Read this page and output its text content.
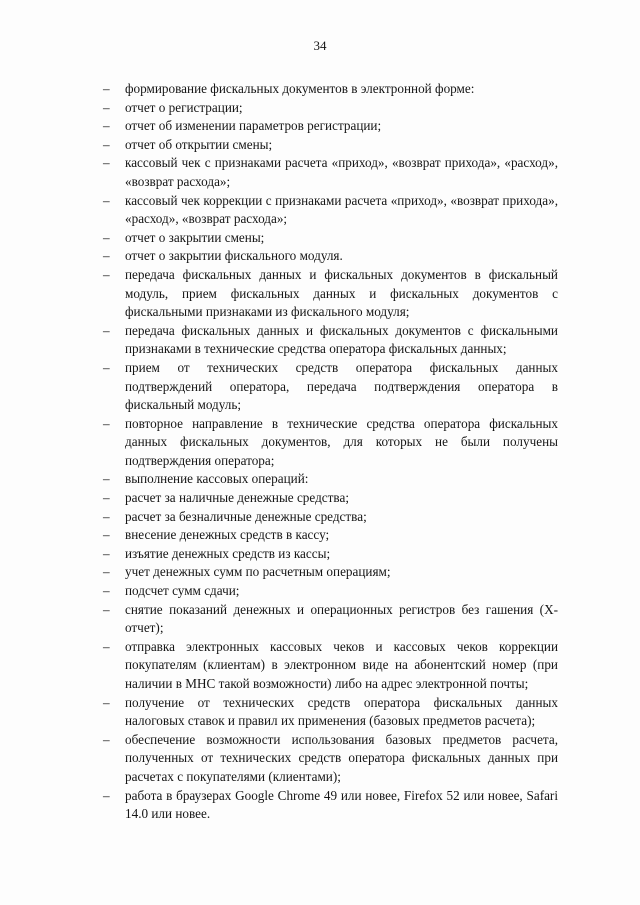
34
–	формирование фискальных документов в электронной форме:
–	отчет о регистрации;
–	отчет об изменении параметров регистрации;
–	отчет об открытии смены;
–	кассовый чек с признаками расчета «приход», «возврат прихода», «расход», «возврат расхода»;
–	кассовый чек коррекции с признаками расчета «приход», «возврат прихода», «расход», «возврат расхода»;
–	отчет о закрытии смены;
–	отчет о закрытии фискального модуля.
–	передача фискальных данных и фискальных документов в фискальный модуль, прием фискальных данных и фискальных документов с фискальными признаками из фискального модуля;
–	передача фискальных данных и фискальных документов с фискальными признаками в технические средства оператора фискальных данных;
–	прием от технических средств оператора фискальных данных подтверждений оператора, передача подтверждения оператора в фискальный модуль;
–	повторное направление в технические средства оператора фискальных данных фискальных документов, для которых не были получены подтверждения оператора;
–	выполнение кассовых операций:
–	расчет за наличные денежные средства;
–	расчет за безналичные денежные средства;
–	внесение денежных средств в кассу;
–	изъятие денежных средств из кассы;
–	учет денежных сумм по расчетным операциям;
–	подсчет сумм сдачи;
–	снятие показаний денежных и операционных регистров без гашения (X-отчет);
–	отправка электронных кассовых чеков и кассовых чеков коррекции покупателям (клиентам) в электронном виде на абонентский номер (при наличии в МНС такой возможности) либо на адрес электронной почты;
–	получение от технических средств оператора фискальных данных налоговых ставок и правил их применения (базовых предметов расчета);
–	обеспечение возможности использования базовых предметов расчета, полученных от технических средств оператора фискальных данных при расчетах с покупателями (клиентами);
–	работа в браузерах Google Chrome 49 или новее, Firefox 52 или новее, Safari 14.0 или новее.
